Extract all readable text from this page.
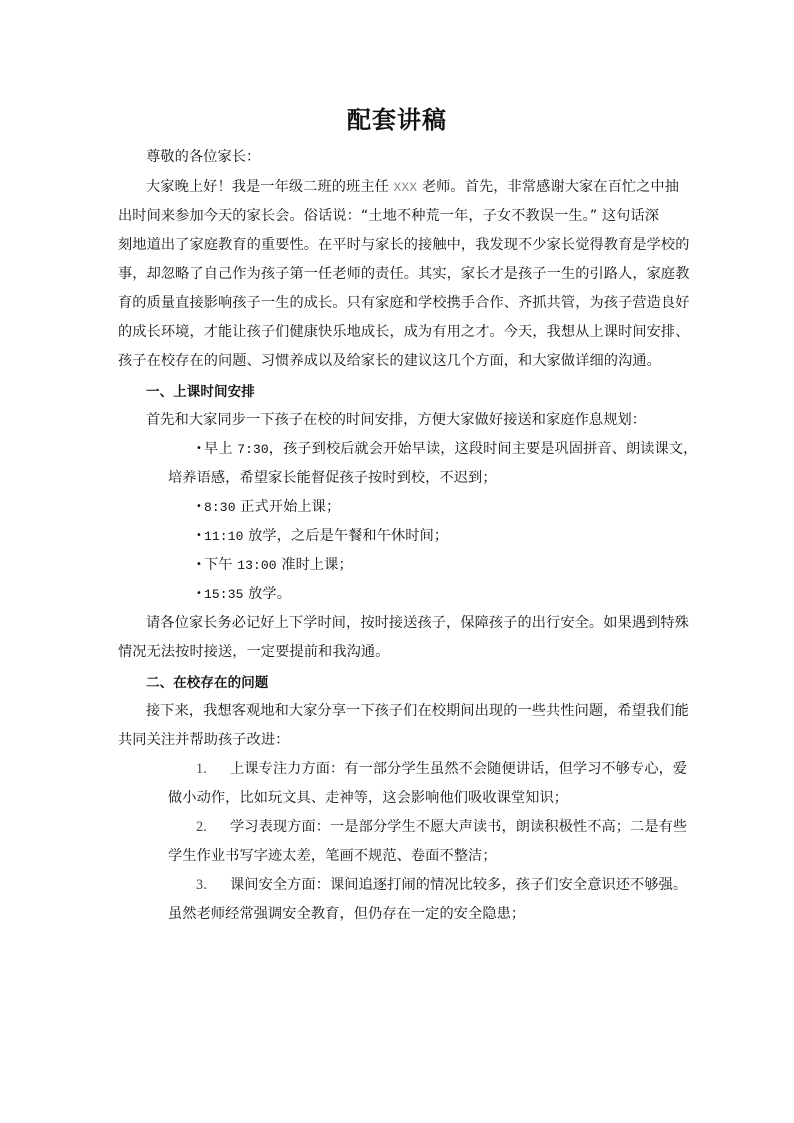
配套讲稿
尊敬的各位家长：
大家晚上好！我是一年级二班的班主任 XXX 老师。首先，非常感谢大家在百忙之中抽
出时间来参加今天的家长会。俗话说：“土地不种荒一年，子女不教误一生。” 这句话深
刻地道出了家庭教育的重要性。在平时与家长的接触中，我发现不少家长觉得教育是学校的
事，却忽略了自己作为孩子第一任老师的责任。其实，家长才是孩子一生的引路人，家庭教
育的质量直接影响孩子一生的成长。只有家庭和学校携手合作、齐抓共管，为孩子营造良好
的成长环境，才能让孩子们健康快乐地成长，成为有用之才。今天，我想从上课时间安排、
孩子在校存在的问题、习惯养成以及给家长的建议这几个方面，和大家做详细的沟通。
一、上课时间安排
首先和大家同步一下孩子在校的时间安排，方便大家做好接送和家庭作息规划：
• 早上 7:30，孩子到校后就会开始早读，这段时间主要是巩固拼音、朗读课文，
培养语感，希望家长能督促孩子按时到校，不迟到；
• 8:30 正式开始上课；
• 11:10 放学，之后是午餐和午休时间；
• 下午 13:00 准时上课；
• 15:35 放学。
请各位家长务必记好上下学时间，按时接送孩子，保障孩子的出行安全。如果遇到特殊
情况无法按时接送，一定要提前和我沟通。
二、在校存在的问题
接下来，我想客观地和大家分享一下孩子们在校期间出现的一些共性问题，希望我们能
共同关注并帮助孩子改进：
1. 上课专注力方面：有一部分学生虽然不会随便讲话，但学习不够专心，爱
做小动作，比如玩文具、走神等，这会影响他们吸收课堂知识；
2. 学习表现方面：一是部分学生不愿大声读书，朗读积极性不高；二是有些
学生作业书写字迹太差，笔画不规范、卷面不整洁；
3. 课间安全方面：课间追逐打闹的情况比较多，孩子们安全意识还不够强。
虽然老师经常强调安全教育，但仍存在一定的安全隐患；
